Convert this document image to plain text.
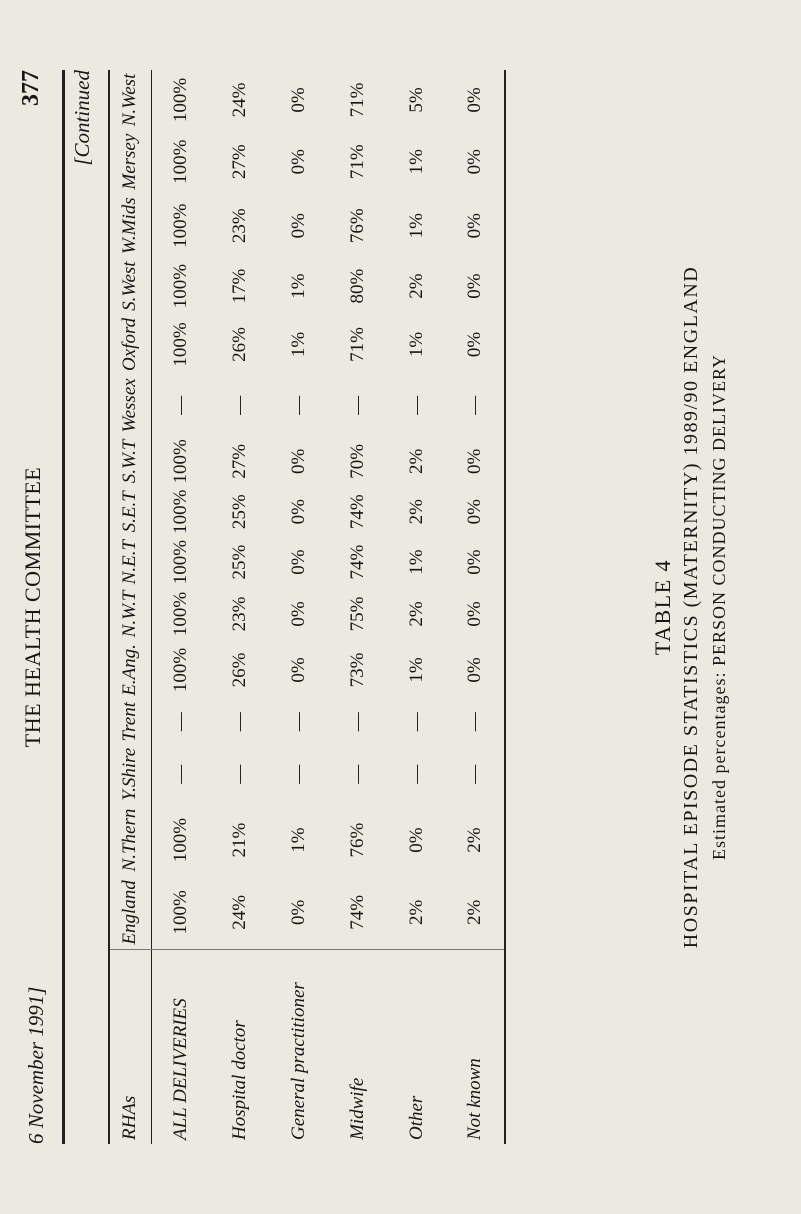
6 November 1991]
THE HEALTH COMMITTEE
377 [Continued
RHAs	England	N.Thern	Y.Shire	Trent	E.Ang.	N.W.T	N.E.T	S.E.T	S.W.T	Wessex	Oxford	S.West	W.Mids	Mersey	N.West
ALL DELIVERIES	100%	100%	—	—	100%	100%	100%	100%	100%	—	100%	100%	100%	100%	100%
Hospital doctor	24%	21%	—	—	26%	23%	25%	25%	27%	—	26%	17%	23%	27%	24%
General practitioner	0%	1%	—	—	0%	0%	0%	0%	0%	—	1%	1%	0%	0%	0%
Midwife	74%	76%	—	—	73%	75%	74%	74%	70%	—	71%	80%	76%	71%	71%
Other	2%	0%	—	—	1%	2%	1%	2%	2%	—	1%	2%	1%	1%	5%
Not known	2%	2%	—	—	0%	0%	0%	0%	0%	—	0%	0%	0%	0%	0%
TABLE 4 HOSPITAL EPISODE STATISTICS (MATERNITY) 1989/90 ENGLAND Estimated percentages: PERSON CONDUCTING DELIVERY
